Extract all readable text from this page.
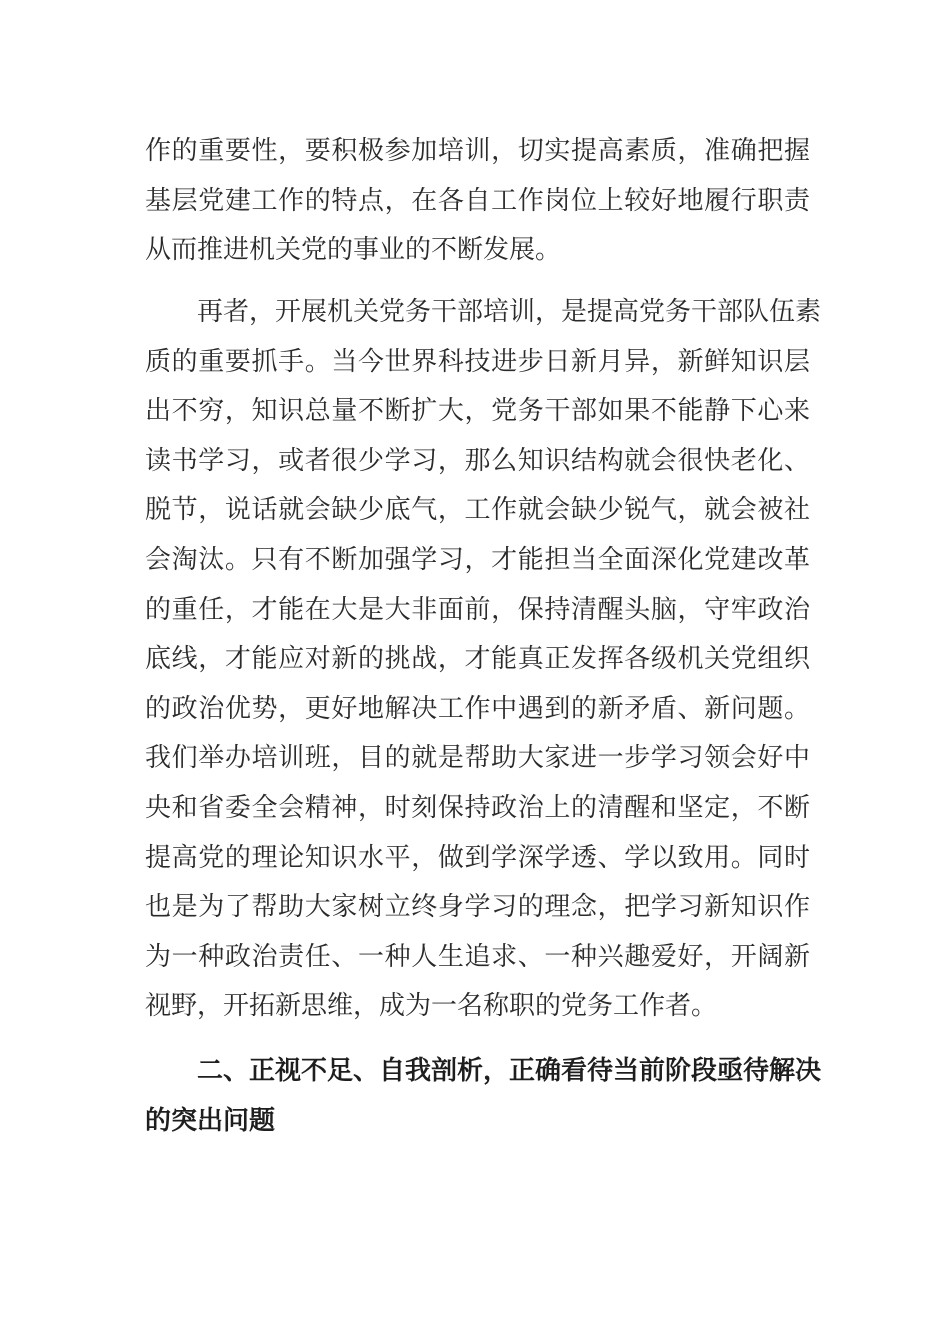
作的重要性，要积极参加培训，切实提高素质，准确把握
基层党建工作的特点，在各自工作岗位上较好地履行职责
从而推进机关党的事业的不断发展。
　　再者，开展机关党务干部培训，是提高党务干部队伍素
质的重要抓手。当今世界科技进步日新月异，新鲜知识层
出不穷，知识总量不断扩大，党务干部如果不能静下心来
读书学习，或者很少学习，那么知识结构就会很快老化、
脱节，说话就会缺少底气，工作就会缺少锐气，就会被社
会淘汰。只有不断加强学习，才能担当全面深化党建改革
的重任，才能在大是大非面前，保持清醒头脑，守牢政治
底线，才能应对新的挑战，才能真正发挥各级机关党组织
的政治优势，更好地解决工作中遇到的新矛盾、新问题。
我们举办培训班，目的就是帮助大家进一步学习领会好中
央和省委全会精神，时刻保持政治上的清醒和坚定，不断
提高党的理论知识水平，做到学深学透、学以致用。同时
也是为了帮助大家树立终身学习的理念，把学习新知识作
为一种政治责任、一种人生追求、一种兴趣爱好，开阔新
视野，开拓新思维，成为一名称职的党务工作者。
　　二、正视不足、自我剖析，正确看待当前阶段亟待解决
的突出问题
